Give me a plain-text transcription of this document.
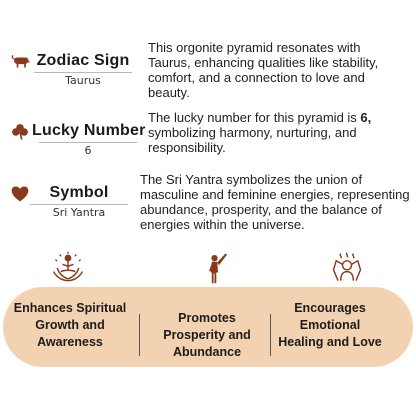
Zodiac Sign
Taurus
This orgonite pyramid resonates with Taurus, enhancing qualities like stability, comfort, and a connection to love and beauty.
Lucky Number
6
The lucky number for this pyramid is 6, symbolizing harmony, nurturing, and responsibility.
Symbol
Sri Yantra
The Sri Yantra symbolizes the union of masculine and feminine energies, representing abundance, prosperity, and the balance of energies within the universe.
Enhances Spiritual Growth and Awareness
Promotes Prosperity and Abundance
Encourages Emotional Healing and Love
